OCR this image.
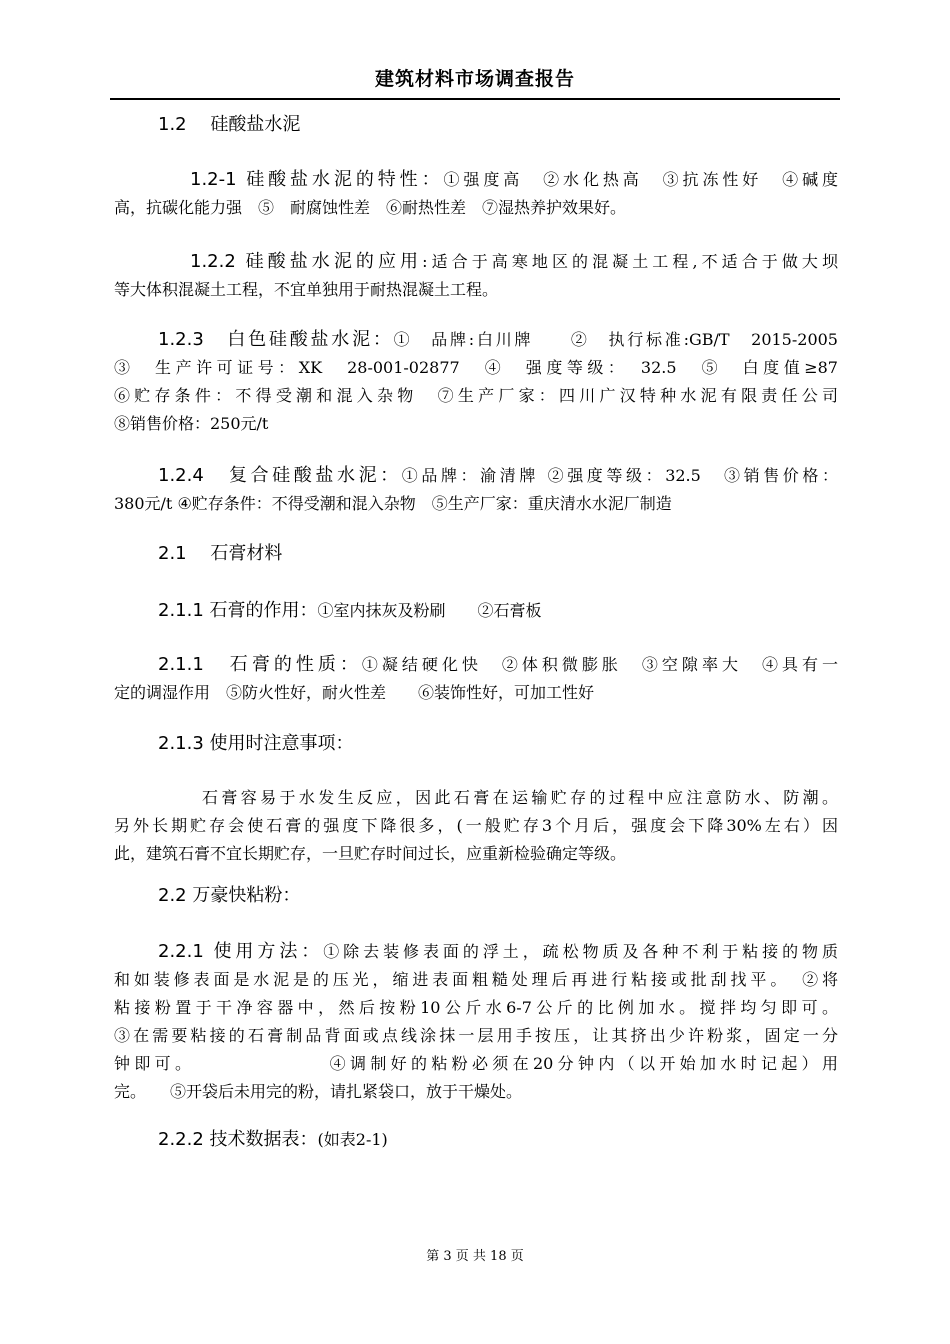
建筑材料市场调查报告
1.2　 硅酸盐水泥
1.2-1 硅酸盐水泥的特性：①强度高　②水化热高　③抗冻性好　④碱度
高，抗碳化能力强　⑤　耐腐蚀性差　⑥耐热性差　⑦湿热养护效果好。
1.2.2 硅酸盐水泥的应用:适合于高寒地区的混凝土工程,不适合于做大坝
等大体积混凝土工程，不宜单独用于耐热混凝土工程。
1.2.3　白色硅酸盐水泥：①　品牌:白川牌　　②　执行标准:GB/T　2015-2005
③　生产许可证号：XK　28-001-02877　④　强度等级：　32.5　⑤　白度值≥87
⑥贮存条件：不得受潮和混入杂物　⑦生产厂家：四川广汉特种水泥有限责任公司
⑧销售价格：250元/t
1.2.4　复合硅酸盐水泥：①品牌：渝清牌 ②强度等级：32.5　③销售价格：
380元/t ④贮存条件：不得受潮和混入杂物　⑤生产厂家：重庆清水水泥厂制造
2.1　 石膏材料
2.1.1 石膏的作用：①室内抹灰及粉刷　　②石膏板
2.1.1　石膏的性质：①凝结硬化快　②体积微膨胀　③空隙率大　④具有一
定的调湿作用　⑤防火性好，耐火性差　　⑥装饰性好，可加工性好
2.1.3 使用时注意事项：
石膏容易于水发生反应，因此石膏在运输贮存的过程中应注意防水、防潮。
另外长期贮存会使石膏的强度下降很多，(一般贮存3个月后，强度会下降30%左右）因
此，建筑石膏不宜长期贮存，一旦贮存时间过长，应重新检验确定等级。
2.2 万豪快粘粉：
2.2.1 使用方法：①除去装修表面的浮土，疏松物质及各种不利于粘接的物质
和如装修表面是水泥是的压光，缩进表面粗糙处理后再进行粘接或批刮找平。　②将
粘接粉置于干净容器中，然后按粉10公斤水6-7公斤的比例加水。搅拌均匀即可。
③在需要粘接的石膏制品背面或点线涂抹一层用手按压，让其挤出少许粉浆，固定一分
钟即可。　　　　　　　④调制好的粘粉必须在20分钟内（以开始加水时记起）用
完。　　⑤开袋后未用完的粉，请扎紧袋口，放于干燥处。
2.2.2 技术数据表：(如表2-1)
第 3 页 共 18 页
